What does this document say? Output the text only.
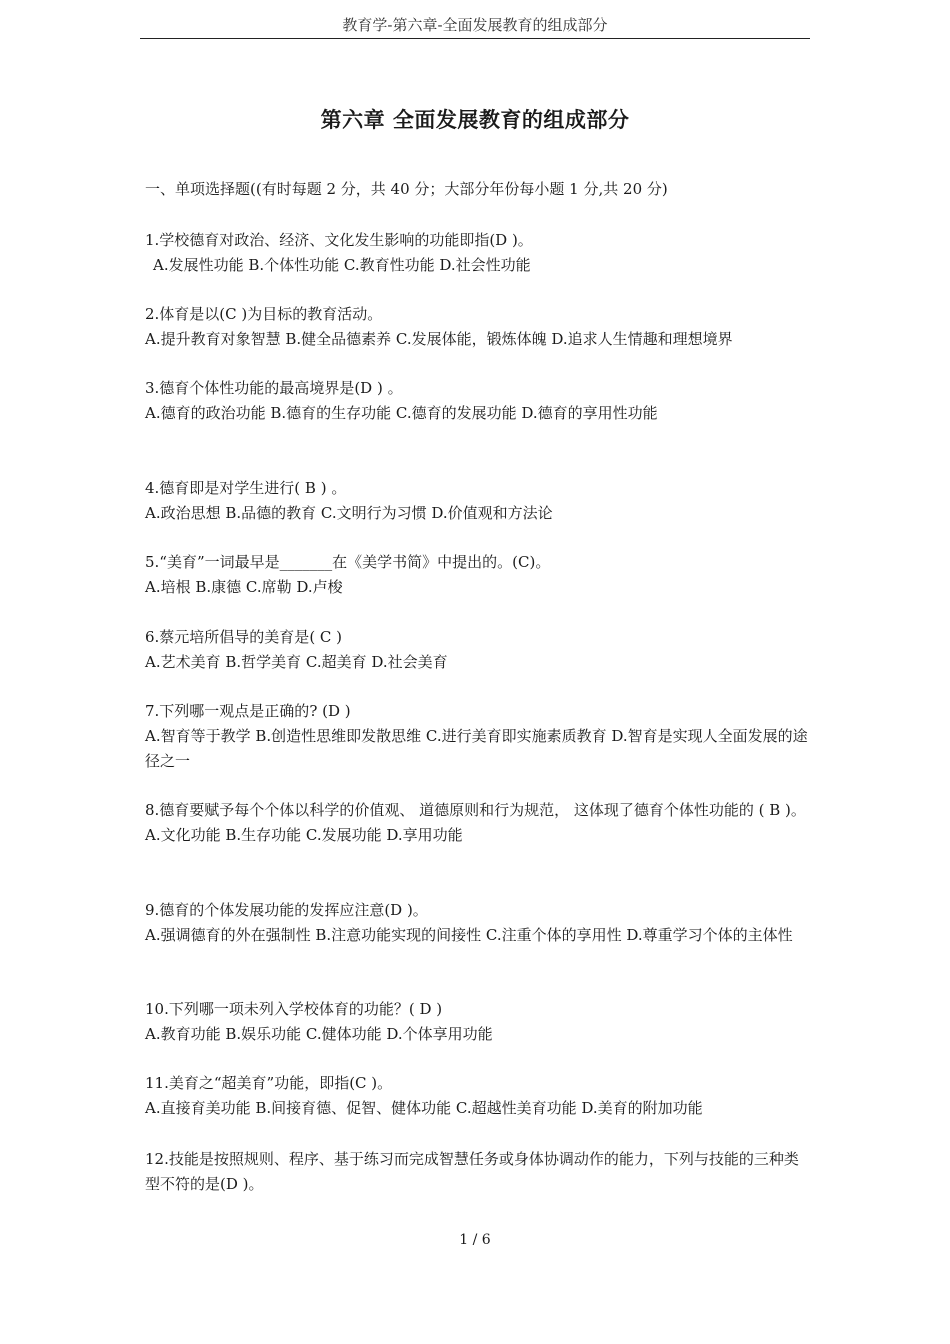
教育学-第六章-全面发展教育的组成部分
第六章 全面发展教育的组成部分
一、单项选择题((有时每题 2 分，共 40 分；大部分年份每小题 1 分,共 20 分)
1.学校德育对政治、经济、文化发生影响的功能即指(D )。
A.发展性功能 B.个体性功能 C.教育性功能 D.社会性功能
2.体育是以(C )为目标的教育活动。
A.提升教育对象智慧 B.健全品德素养 C.发展体能，锻炼体魄 D.追求人生情趣和理想境界
3.德育个体性功能的最高境界是(D ) 。
A.德育的政治功能 B.德育的生存功能 C.德育的发展功能 D.德育的享用性功能
4.德育即是对学生进行( B ) 。
A.政治思想 B.品德的教育 C.文明行为习惯 D.价值观和方法论
5.“美育”一词最早是_______在《美学书简》中提出的。(C)。
A.培根 B.康德 C.席勒 D.卢梭
6.蔡元培所倡导的美育是( C )
A.艺术美育 B.哲学美育 C.超美育 D.社会美育
7.下列哪一观点是正确的? (D )
A.智育等于教学 B.创造性思维即发散思维 C.进行美育即实施素质教育 D.智育是实现人全面发展的途径之一
8.德育要赋予每个个体以科学的价值观、 道德原则和行为规范， 这体现了德育个体性功能的 ( B )。
A.文化功能 B.生存功能 C.发展功能 D.享用功能
9.德育的个体发展功能的发挥应注意(D )。
A.强调德育的外在强制性 B.注意功能实现的间接性 C.注重个体的享用性 D.尊重学习个体的主体性
10.下列哪一项未列入学校体育的功能？( D )
A.教育功能 B.娱乐功能 C.健体功能 D.个体享用功能
11.美育之“超美育”功能，即指(C )。
A.直接育美功能 B.间接育德、促智、健体功能 C.超越性美育功能 D.美育的附加功能
12.技能是按照规则、程序、基于练习而完成智慧任务或身体协调动作的能力，下列与技能的三种类型不符的是(D )。
1 / 6
